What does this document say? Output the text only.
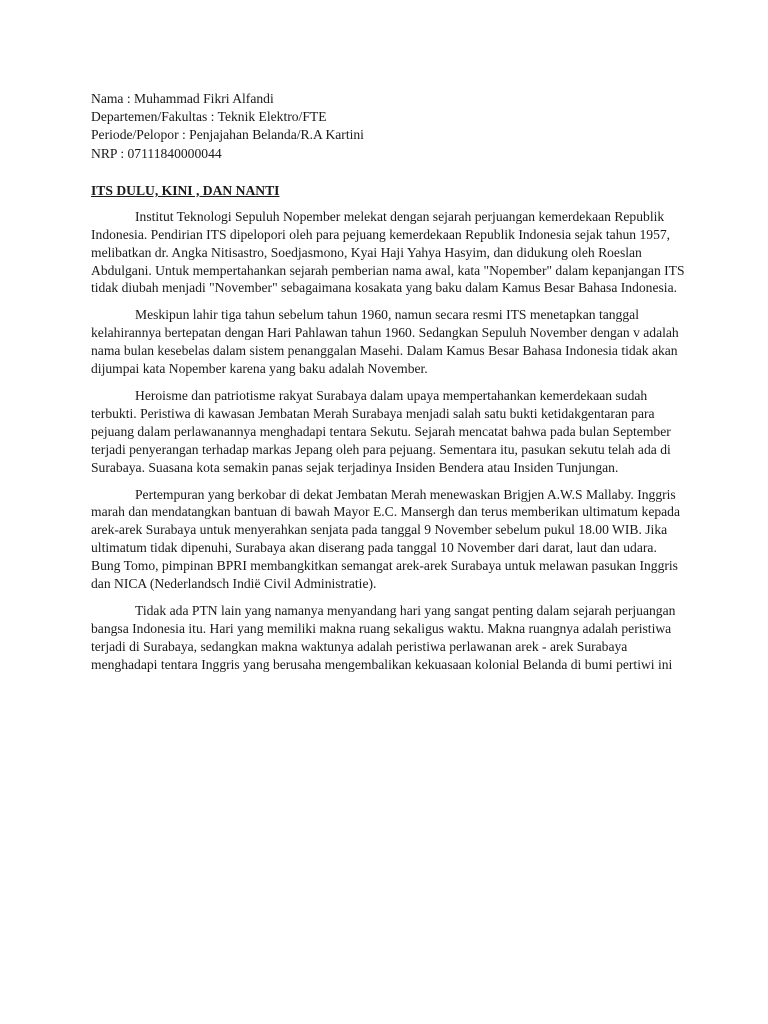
Nama : Muhammad Fikri Alfandi
Departemen/Fakultas : Teknik Elektro/FTE
Periode/Pelopor : Penjajahan Belanda/R.A Kartini
NRP : 07111840000044
ITS DULU, KINI , DAN NANTI

Institut Teknologi Sepuluh Nopember melekat dengan sejarah perjuangan kemerdekaan Republik Indonesia. Pendirian ITS dipelopori oleh para pejuang kemerdekaan Republik Indonesia sejak tahun 1957, melibatkan dr. Angka Nitisastro, Soedjasmono, Kyai Haji Yahya Hasyim, dan didukung oleh Roeslan Abdulgani. Untuk mempertahankan sejarah pemberian nama awal, kata "Nopember" dalam kepanjangan ITS tidak diubah menjadi "November" sebagaimana kosakata yang baku dalam Kamus Besar Bahasa Indonesia.

Meskipun lahir tiga tahun sebelum tahun 1960, namun secara resmi ITS menetapkan tanggal kelahirannya bertepatan dengan Hari Pahlawan tahun 1960. Sedangkan Sepuluh November dengan v adalah nama bulan kesebelas dalam sistem penanggalan Masehi. Dalam Kamus Besar Bahasa Indonesia tidak akan dijumpai kata Nopember karena yang baku adalah November.

Heroisme dan patriotisme rakyat Surabaya dalam upaya mempertahankan kemerdekaan sudah terbukti. Peristiwa di kawasan Jembatan Merah Surabaya menjadi salah satu bukti ketidakgentaran para pejuang dalam perlawanannya menghadapi tentara Sekutu. Sejarah mencatat bahwa pada bulan September terjadi penyerangan terhadap markas Jepang oleh para pejuang. Sementara itu, pasukan sekutu telah ada di Surabaya. Suasana kota semakin panas sejak terjadinya Insiden Bendera atau Insiden Tunjungan.

Pertempuran yang berkobar di dekat Jembatan Merah menewaskan Brigjen A.W.S Mallaby. Inggris marah dan mendatangkan bantuan di bawah Mayor E.C. Mansergh dan terus memberikan ultimatum kepada arek-arek Surabaya untuk menyerahkan senjata pada tanggal 9 November sebelum pukul 18.00 WIB. Jika ultimatum tidak dipenuhi, Surabaya akan diserang pada tanggal 10 November dari darat, laut dan udara. Bung Tomo, pimpinan BPRI membangkitkan semangat arek-arek Surabaya untuk melawan pasukan Inggris dan NICA (Nederlandsch Indië Civil Administratie).

Tidak ada PTN lain yang namanya menyandang hari yang sangat penting dalam sejarah perjuangan bangsa Indonesia itu. Hari yang memiliki makna ruang sekaligus waktu. Makna ruangnya adalah peristiwa terjadi di Surabaya, sedangkan makna waktunya adalah peristiwa perlawanan arek - arek Surabaya menghadapi tentara Inggris yang berusaha mengembalikan kekuasaan kolonial Belanda di bumi pertiwi ini
